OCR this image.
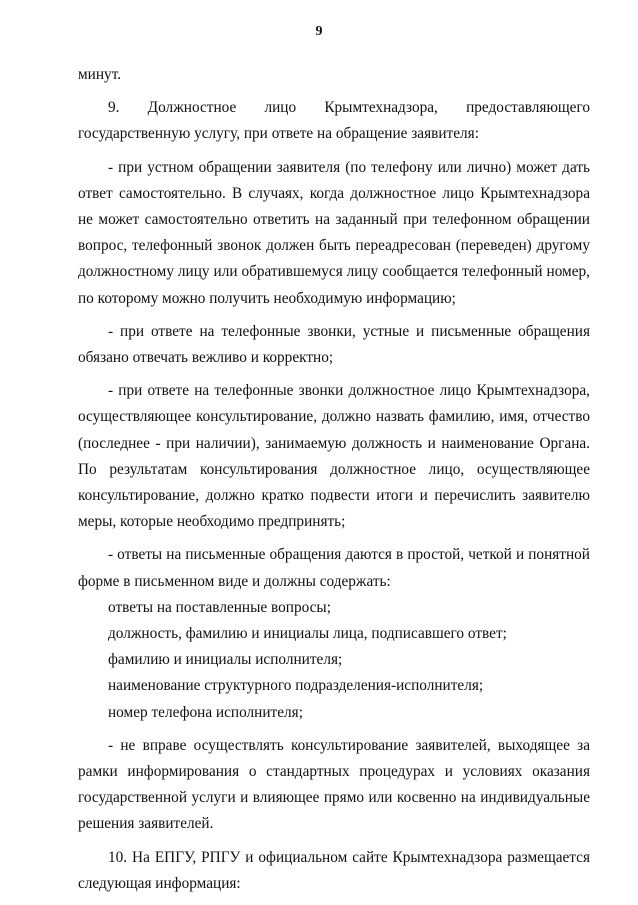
9

минут.

9. Должностное лицо Крымтехнадзора, предоставляющего государственную услугу, при ответе на обращение заявителя:

- при устном обращении заявителя (по телефону или лично) может дать ответ самостоятельно. В случаях, когда должностное лицо Крымтехнадзора не может самостоятельно ответить на заданный при телефонном обращении вопрос, телефонный звонок должен быть переадресован (переведен) другому должностному лицу или обратившемуся лицу сообщается телефонный номер, по которому можно получить необходимую информацию;

- при ответе на телефонные звонки, устные и письменные обращения обязано отвечать вежливо и корректно;

- при ответе на телефонные звонки должностное лицо Крымтехнадзора, осуществляющее консультирование, должно назвать фамилию, имя, отчество (последнее - при наличии), занимаемую должность и наименование Органа. По результатам консультирования должностное лицо, осуществляющее консультирование, должно кратко подвести итоги и перечислить заявителю меры, которые необходимо предпринять;

- ответы на письменные обращения даются в простой, четкой и понятной форме в письменном виде и должны содержать:

ответы на поставленные вопросы;

должность, фамилию и инициалы лица, подписавшего ответ;

фамилию и инициалы исполнителя;

наименование структурного подразделения-исполнителя;

номер телефона исполнителя;

- не вправе осуществлять консультирование заявителей, выходящее за рамки информирования о стандартных процедурах и условиях оказания государственной услуги и влияющее прямо или косвенно на индивидуальные решения заявителей.

10. На ЕПГУ, РПГУ и официальном сайте Крымтехнадзора размещается следующая информация:
